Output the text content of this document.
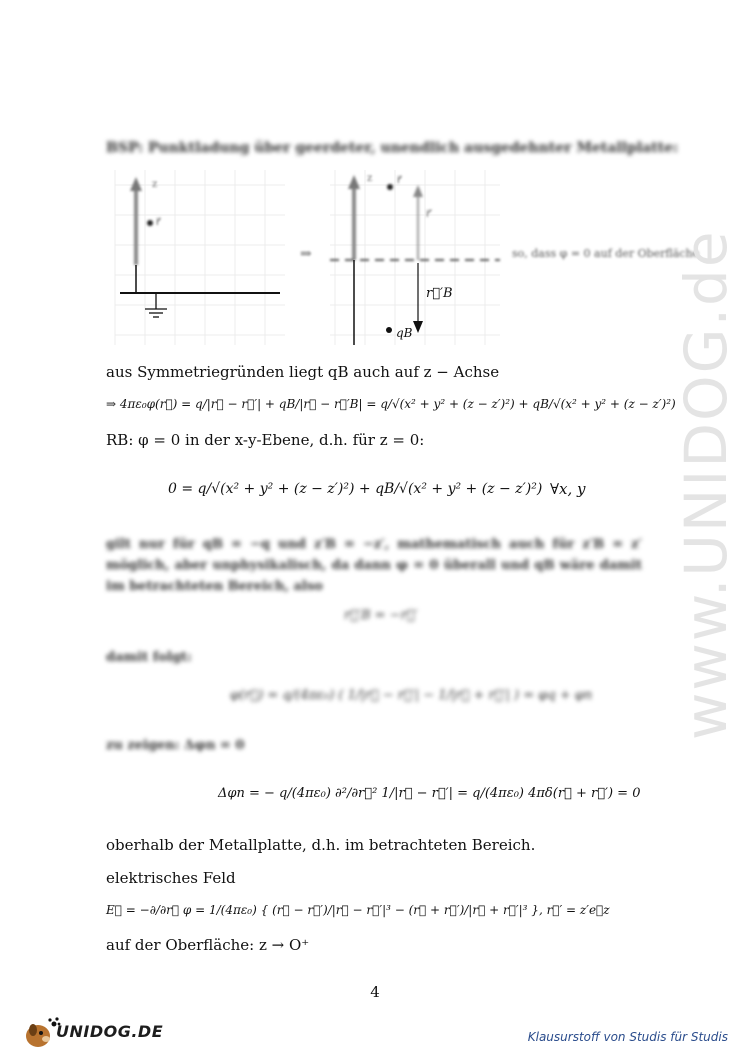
BSP: Punktladung über geerdeter, unendlich ausgedehnter Metallplatte:
z
r⃗
⇒
z r⃗
r⃗′
so, dass φ = 0 auf der Oberfläche
r⃗′B
qB
aus Symmetriegründen liegt qB auch auf z − Achse
⇒ 4πε₀φ(r⃗) = q/|r⃗ − r⃗′| + qB/|r⃗ − r⃗′B| = q/√(x² + y² + (z − z′)²) + qB/√(x² + y² + (z − z′)²)
RB: φ = 0 in der x-y-Ebene, d.h. für z = 0:
0 = q/√(x² + y² + (z − z′)²) + qB/√(x² + y² + (z − z′)²) ∀x, y
gilt nur für qB = −q und z′B = −z′, mathematisch auch für z′B = z′ möglich, aber unphysikalisch, da dann φ = 0 überall und qB wäre damit im betrachteten Bereich, also
r⃗′B = −r⃗′
damit folgt:
φ(r⃗) = q/(4πε₀) ( 1/|r⃗ − r⃗′| − 1/|r⃗ + r⃗′| ) = φq + φn
zu zeigen: Δφn = 0
Δφn = − q/(4πε₀) ∂²/∂r⃗² 1/|r⃗ − r⃗′| = q/(4πε₀) 4πδ(r⃗ + r⃗′) = 0
oberhalb der Metallplatte, d.h. im betrachteten Bereich.
elektrisches Feld
E⃗ = −∂/∂r⃗ φ = 1/(4πε₀) { (r⃗ − r⃗′)/|r⃗ − r⃗′|³ − (r⃗ + r⃗′)/|r⃗ + r⃗′|³ }, r⃗′ = z′e⃗z
auf der Oberfläche: z → O⁺
4
www.UNIDOG.de
UNIDOG.DE	Klausurstoff von Studis für Studis
